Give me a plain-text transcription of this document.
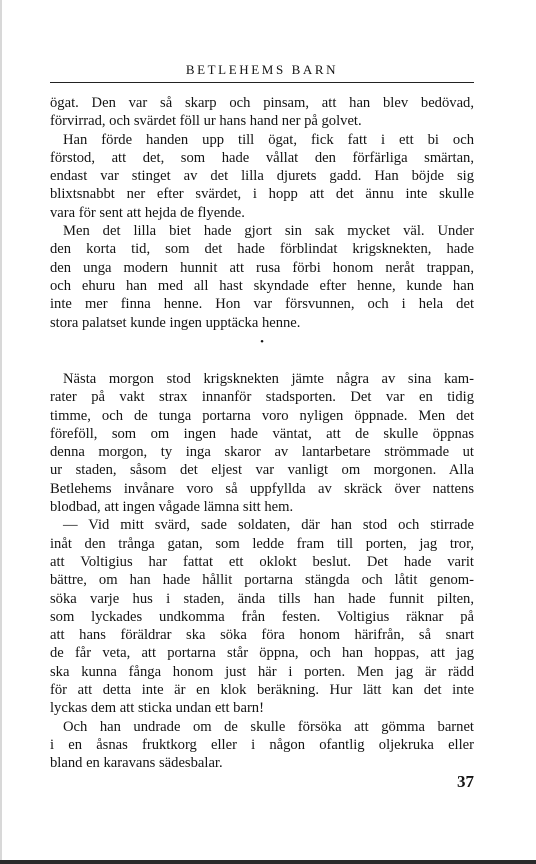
BETLEHEMS BARN
ögat. Den var så skarp och pinsam, att han blev bedövad,
förvirrad, och svärdet föll ur hans hand ner på golvet.
Han förde handen upp till ögat, fick fatt i ett bi och
förstod, att det, som hade vållat den förfärliga smärtan,
endast var stinget av det lilla djurets gadd. Han böjde sig
blixtsnabbt ner efter svärdet, i hopp att det ännu inte skulle
vara för sent att hejda de flyende.
Men det lilla biet hade gjort sin sak mycket väl. Under
den korta tid, som det hade förblindat krigsknekten, hade
den unga modern hunnit att rusa förbi honom neråt trappan,
och ehuru han med all hast skyndade efter henne, kunde han
inte mer finna henne. Hon var försvunnen, och i hela det
stora palatset kunde ingen upptäcka henne.
•
Nästa morgon stod krigsknekten jämte några av sina kam-
rater på vakt strax innanför stadsporten. Det var en tidig
timme, och de tunga portarna voro nyligen öppnade. Men det
föreföll, som om ingen hade väntat, att de skulle öppnas
denna morgon, ty inga skaror av lantarbetare strömmade ut
ur staden, såsom det eljest var vanligt om morgonen. Alla
Betlehems invånare voro så uppfyllda av skräck över nattens
blodbad, att ingen vågade lämna sitt hem.
— Vid mitt svärd, sade soldaten, där han stod och stirrade
inåt den trånga gatan, som ledde fram till porten, jag tror,
att Voltigius har fattat ett oklokt beslut. Det hade varit
bättre, om han hade hållit portarna stängda och låtit genom-
söka varje hus i staden, ända tills han hade funnit pilten,
som lyckades undkomma från festen. Voltigius räknar på
att hans föräldrar ska söka föra honom härifrån, så snart
de får veta, att portarna står öppna, och han hoppas, att jag
ska kunna fånga honom just här i porten. Men jag är rädd
för att detta inte är en klok beräkning. Hur lätt kan det inte
lyckas dem att sticka undan ett barn!
Och han undrade om de skulle försöka att gömma barnet
i en åsnas fruktkorg eller i någon ofantlig oljekruka eller
bland en karavans sädesbalar.
37
